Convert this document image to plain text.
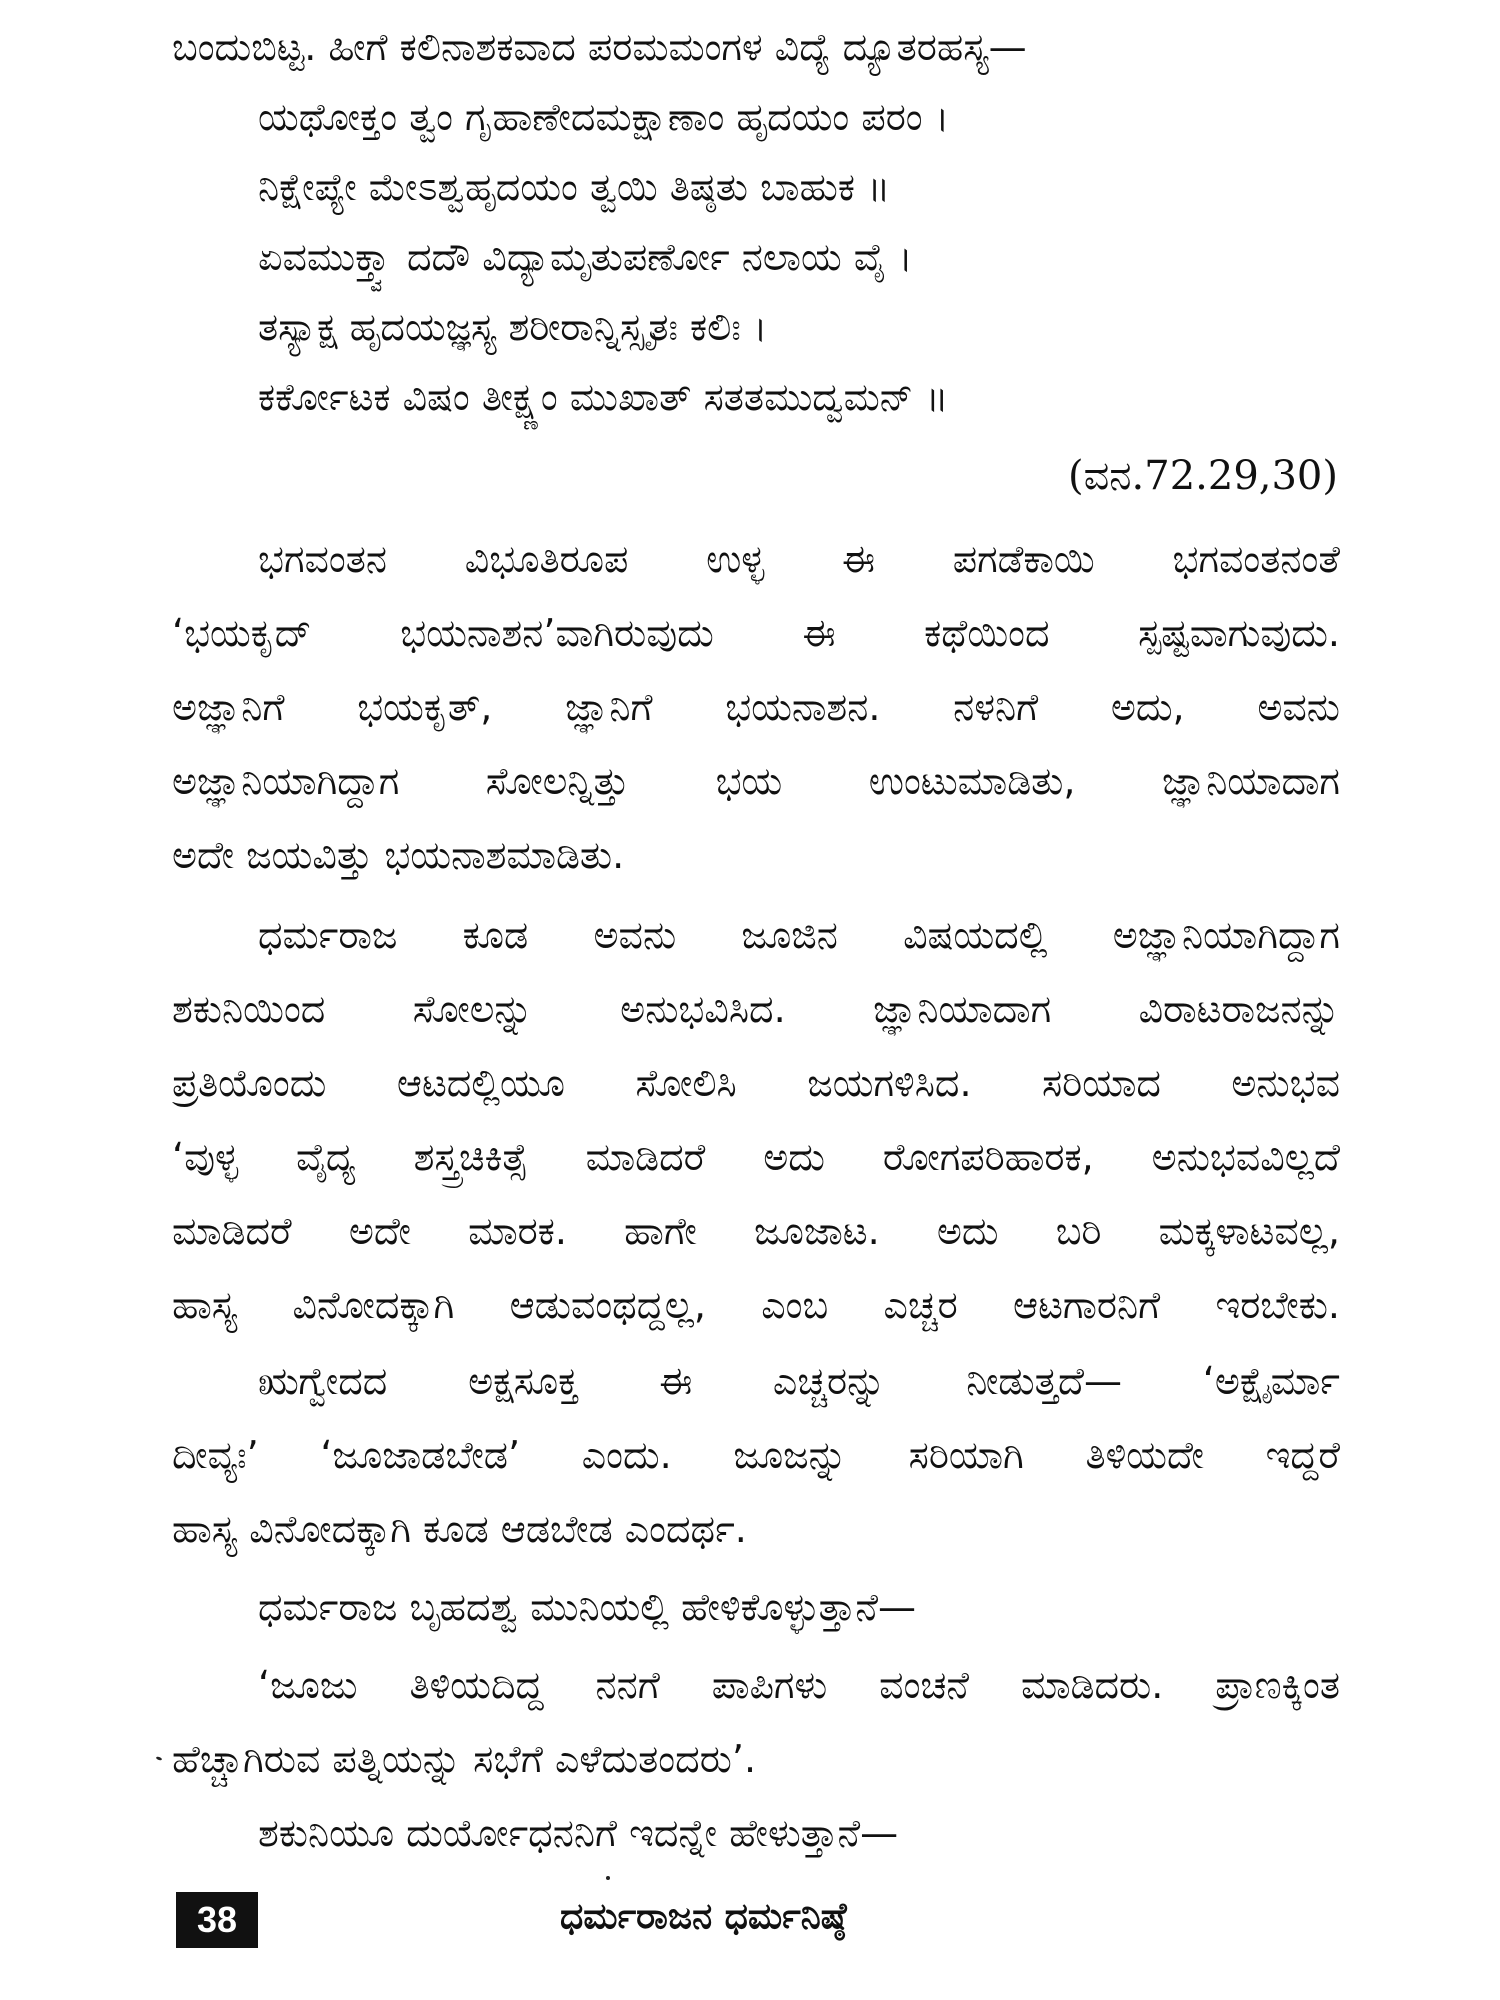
ಬಂದುಬಿಟ್ಟ. ಹೀಗೆ ಕಲಿನಾಶಕವಾದ ಪರಮಮಂಗಳ ವಿದ್ಯೆ ದ್ಯೂತರಹಸ್ಯ—
ಯಥೋಕ್ತಂ ತ್ವಂ ಗೃಹಾಣೇದಮಕ್ಷಾಣಾಂ ಹೃದಯಂ ಪರಂ ।
ನಿಕ್ಷೇಪ್ಯೇ ಮೇಽಶ್ವಹೃದಯಂ ತ್ವಯಿ ತಿಷ್ಠತು ಬಾಹುಕ ॥
ಏವಮುಕ್ತ್ವಾ ದದೌ ವಿದ್ಯಾಮೃತುಪರ್ಣೋ ನಲಾಯ ವೈ ।
ತಸ್ಯಾಕ್ಷ ಹೃದಯಜ್ಞಸ್ಯ ಶರೀರಾನ್ನಿಸ್ಸೃತಃ ಕಲಿಃ ।
ಕರ್ಕೋಟಕ ವಿಷಂ ತೀಕ್ಷ್ಣಂ ಮುಖಾತ್ ಸತತಮುದ್ವಮನ್ ॥
(ವನ.72.29,30)
ಭಗವಂತನ ವಿಭೂತಿರೂಪ ಉಳ್ಳ ಈ ಪಗಡೆಕಾಯಿ ಭಗವಂತನಂತೆ
‘ಭಯಕೃದ್ ಭಯನಾಶನ’ವಾಗಿರುವುದು ಈ ಕಥೆಯಿಂದ ಸ್ಪಷ್ಟವಾಗುವುದು.
ಅಜ್ಞಾನಿಗೆ ಭಯಕೃತ್, ಜ್ಞಾನಿಗೆ ಭಯನಾಶನ. ನಳನಿಗೆ ಅದು, ಅವನು
ಅಜ್ಞಾನಿಯಾಗಿದ್ದಾಗ ಸೋಲನ್ನಿತ್ತು ಭಯ ಉಂಟುಮಾಡಿತು, ಜ್ಞಾನಿಯಾದಾಗ
ಅದೇ ಜಯವಿತ್ತು ಭಯನಾಶಮಾಡಿತು.
ಧರ್ಮರಾಜ ಕೂಡ ಅವನು ಜೂಜಿನ ವಿಷಯದಲ್ಲಿ ಅಜ್ಞಾನಿಯಾಗಿದ್ದಾಗ
ಶಕುನಿಯಿಂದ ಸೋಲನ್ನು ಅನುಭವಿಸಿದ. ಜ್ಞಾನಿಯಾದಾಗ ವಿರಾಟರಾಜನನ್ನು
ಪ್ರತಿಯೊಂದು ಆಟದಲ್ಲಿಯೂ ಸೋಲಿಸಿ ಜಯಗಳಿಸಿದ. ಸರಿಯಾದ ಅನುಭವ
‘ವುಳ್ಳ ವೈದ್ಯ ಶಸ್ತ್ರಚಿಕಿತ್ಸೆ ಮಾಡಿದರೆ ಅದು ರೋಗಪರಿಹಾರಕ, ಅನುಭವವಿಲ್ಲದೆ
ಮಾಡಿದರೆ ಅದೇ ಮಾರಕ. ಹಾಗೇ ಜೂಜಾಟ. ಅದು ಬರಿ ಮಕ್ಕಳಾಟವಲ್ಲ,
ಹಾಸ್ಯ ವಿನೋದಕ್ಕಾಗಿ ಆಡುವಂಥದ್ದಲ್ಲ, ಎಂಬ ಎಚ್ಚರ ಆಟಗಾರನಿಗೆ ಇರಬೇಕು.
ಋಗ್ವೇದದ ಅಕ್ಷಸೂಕ್ತ ಈ ಎಚ್ಚರನ್ನು ನೀಡುತ್ತದೆ— ‘ಅಕ್ಷೈರ್ಮಾ
ದೀವ್ಯಃ’ ‘ಜೂಜಾಡಬೇಡ’ ಎಂದು. ಜೂಜನ್ನು ಸರಿಯಾಗಿ ತಿಳಿಯದೇ ಇದ್ದರೆ
ಹಾಸ್ಯ ವಿನೋದಕ್ಕಾಗಿ ಕೂಡ ಆಡಬೇಡ ಎಂದರ್ಥ.
ಧರ್ಮರಾಜ ಬೃಹದಶ್ವ ಮುನಿಯಲ್ಲಿ ಹೇಳಿಕೊಳ್ಳುತ್ತಾನೆ—
‘ಜೂಜು ತಿಳಿಯದಿದ್ದ ನನಗೆ ಪಾಪಿಗಳು ವಂಚನೆ ಮಾಡಿದರು. ಪ್ರಾಣಕ್ಕಿಂತ
ಹೆಚ್ಚಾಗಿರುವ ಪತ್ನಿಯನ್ನು ಸಭೆಗೆ ಎಳೆದುತಂದರು’.
ಶಕುನಿಯೂ ದುರ್ಯೋಧನನಿಗೆ ಇದನ್ನೇ ಹೇಳುತ್ತಾನೆ—
38	ಧರ್ಮರಾಜನ ಧರ್ಮನಿಷ್ಠೆ
